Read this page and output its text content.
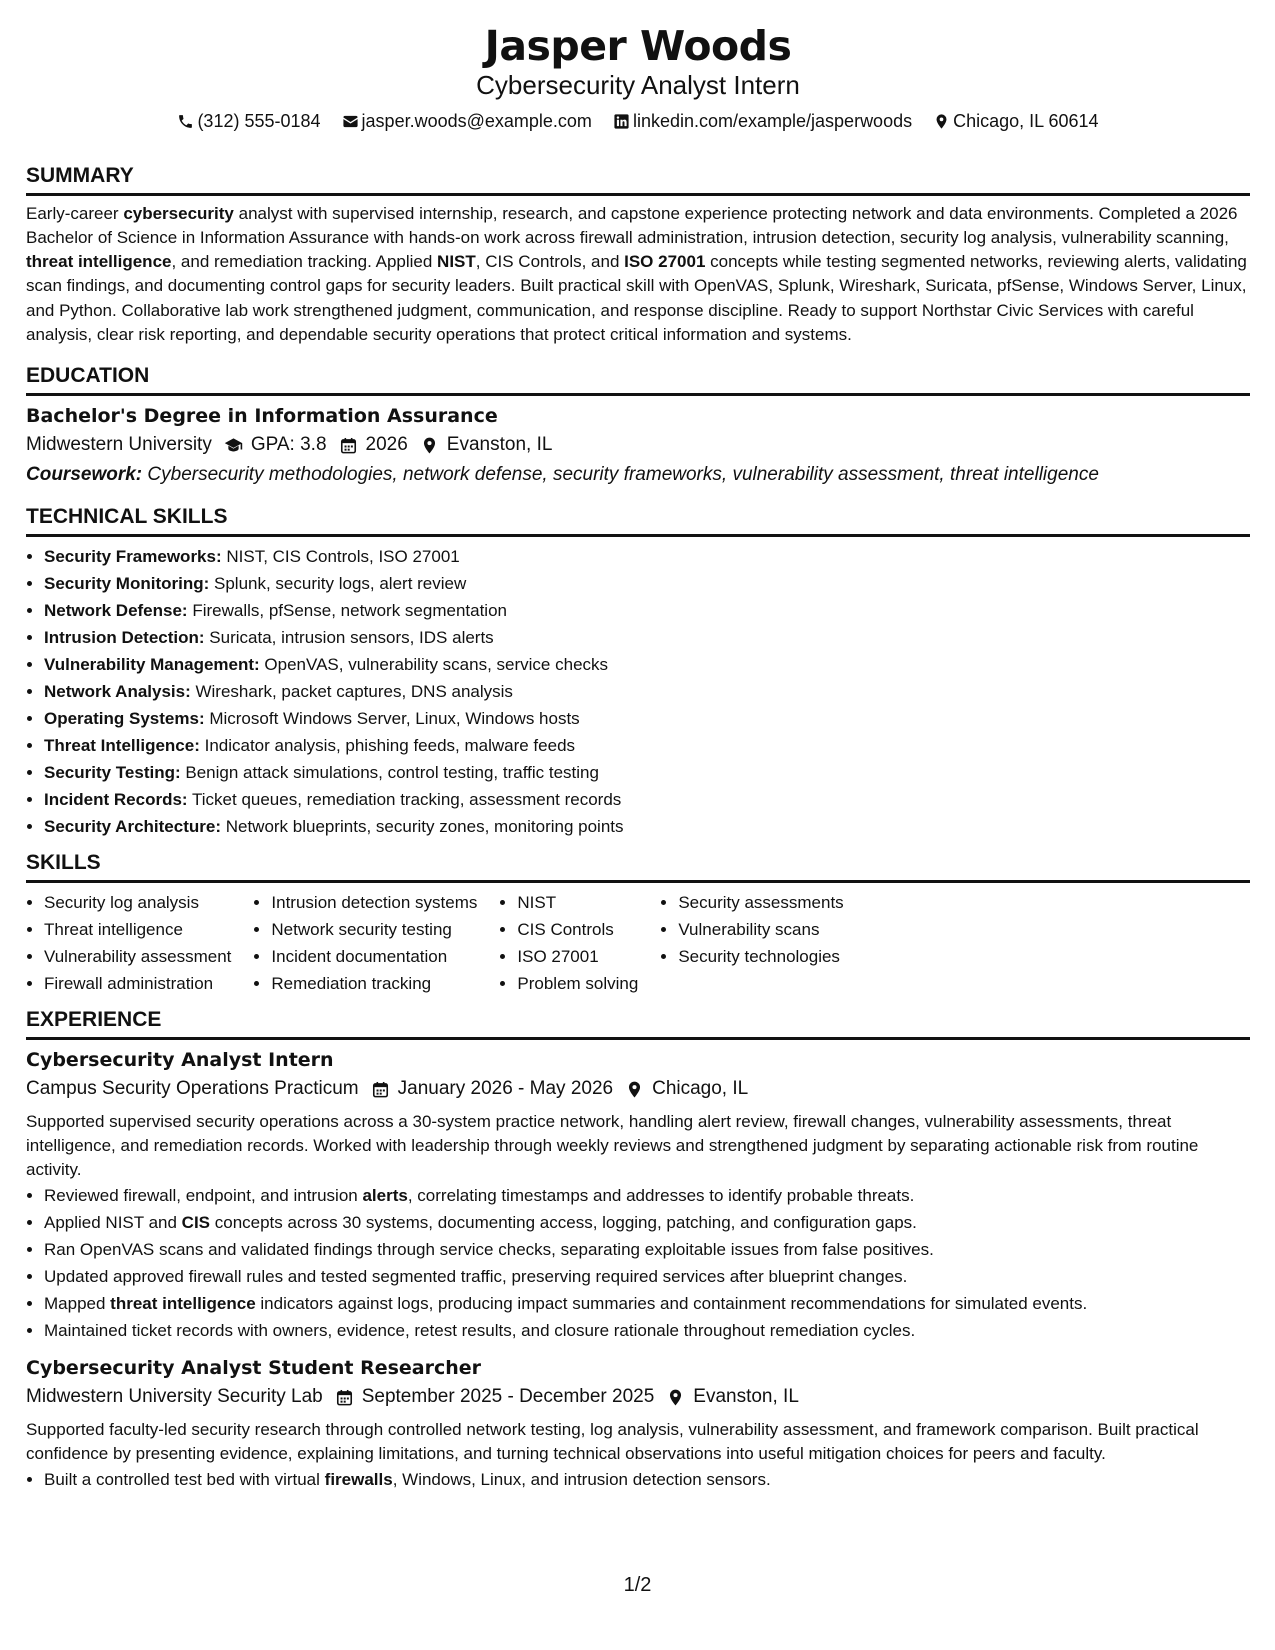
Jasper Woods
Cybersecurity Analyst Intern
(312) 555-0184
jasper.woods@example.com
linkedin.com/example/jasperwoods
Chicago, IL 60614
SUMMARY

Early-career cybersecurity analyst with supervised internship, research, and capstone experience protecting network and data environments. Completed a 2026 Bachelor of Science in Information Assurance with hands-on work across firewall administration, intrusion detection, security log analysis, vulnerability scanning, threat intelligence, and remediation tracking. Applied NIST, CIS Controls, and ISO 27001 concepts while testing segmented networks, reviewing alerts, validating scan findings, and documenting control gaps for security leaders. Built practical skill with OpenVAS, Splunk, Wireshark, Suricata, pfSense, Windows Server, Linux, and Python. Collaborative lab work strengthened judgment, communication, and response discipline. Ready to support Northstar Civic Services with careful analysis, clear risk reporting, and dependable security operations that protect critical information and systems.

EDUCATION
Bachelor's Degree in Information Assurance
Midwestern University GPA: 3.8 2026 Evanston, IL
Coursework: Cybersecurity methodologies, network defense, security frameworks, vulnerability assessment, threat intelligence
TECHNICAL SKILLS
• Security Frameworks: NIST, CIS Controls, ISO 27001
• Security Monitoring: Splunk, security logs, alert review
• Network Defense: Firewalls, pfSense, network segmentation
• Intrusion Detection: Suricata, intrusion sensors, IDS alerts
• Vulnerability Management: OpenVAS, vulnerability scans, service checks
• Network Analysis: Wireshark, packet captures, DNS analysis
• Operating Systems: Microsoft Windows Server, Linux, Windows hosts
• Threat Intelligence: Indicator analysis, phishing feeds, malware feeds
• Security Testing: Benign attack simulations, control testing, traffic testing
• Incident Records: Ticket queues, remediation tracking, assessment records
• Security Architecture: Network blueprints, security zones, monitoring points
SKILLS
• Security log analysis
• Threat intelligence
• Vulnerability assessment
• Firewall administration
• Intrusion detection systems
• Network security testing
• Incident documentation
• Remediation tracking
• NIST
• CIS Controls
• ISO 27001
• Problem solving
• Security assessments
• Vulnerability scans
• Security technologies
EXPERIENCE
Cybersecurity Analyst Intern
Campus Security Operations Practicum January 2026 - May 2026 Chicago, IL
Supported supervised security operations across a 30-system practice network, handling alert review, firewall changes, vulnerability assessments, threat intelligence, and remediation records. Worked with leadership through weekly reviews and strengthened judgment by separating actionable risk from routine activity.
• Reviewed firewall, endpoint, and intrusion alerts, correlating timestamps and addresses to identify probable threats.
• Applied NIST and CIS concepts across 30 systems, documenting access, logging, patching, and configuration gaps.
• Ran OpenVAS scans and validated findings through service checks, separating exploitable issues from false positives.
• Updated approved firewall rules and tested segmented traffic, preserving required services after blueprint changes.
• Mapped threat intelligence indicators against logs, producing impact summaries and containment recommendations for simulated events.
• Maintained ticket records with owners, evidence, retest results, and closure rationale throughout remediation cycles.
Cybersecurity Analyst Student Researcher
Midwestern University Security Lab September 2025 - December 2025 Evanston, IL
Supported faculty-led security research through controlled network testing, log analysis, vulnerability assessment, and framework comparison. Built practical confidence by presenting evidence, explaining limitations, and turning technical observations into useful mitigation choices for peers and faculty.
• Built a controlled test bed with virtual firewalls, Windows, Linux, and intrusion detection sensors.
1/2
